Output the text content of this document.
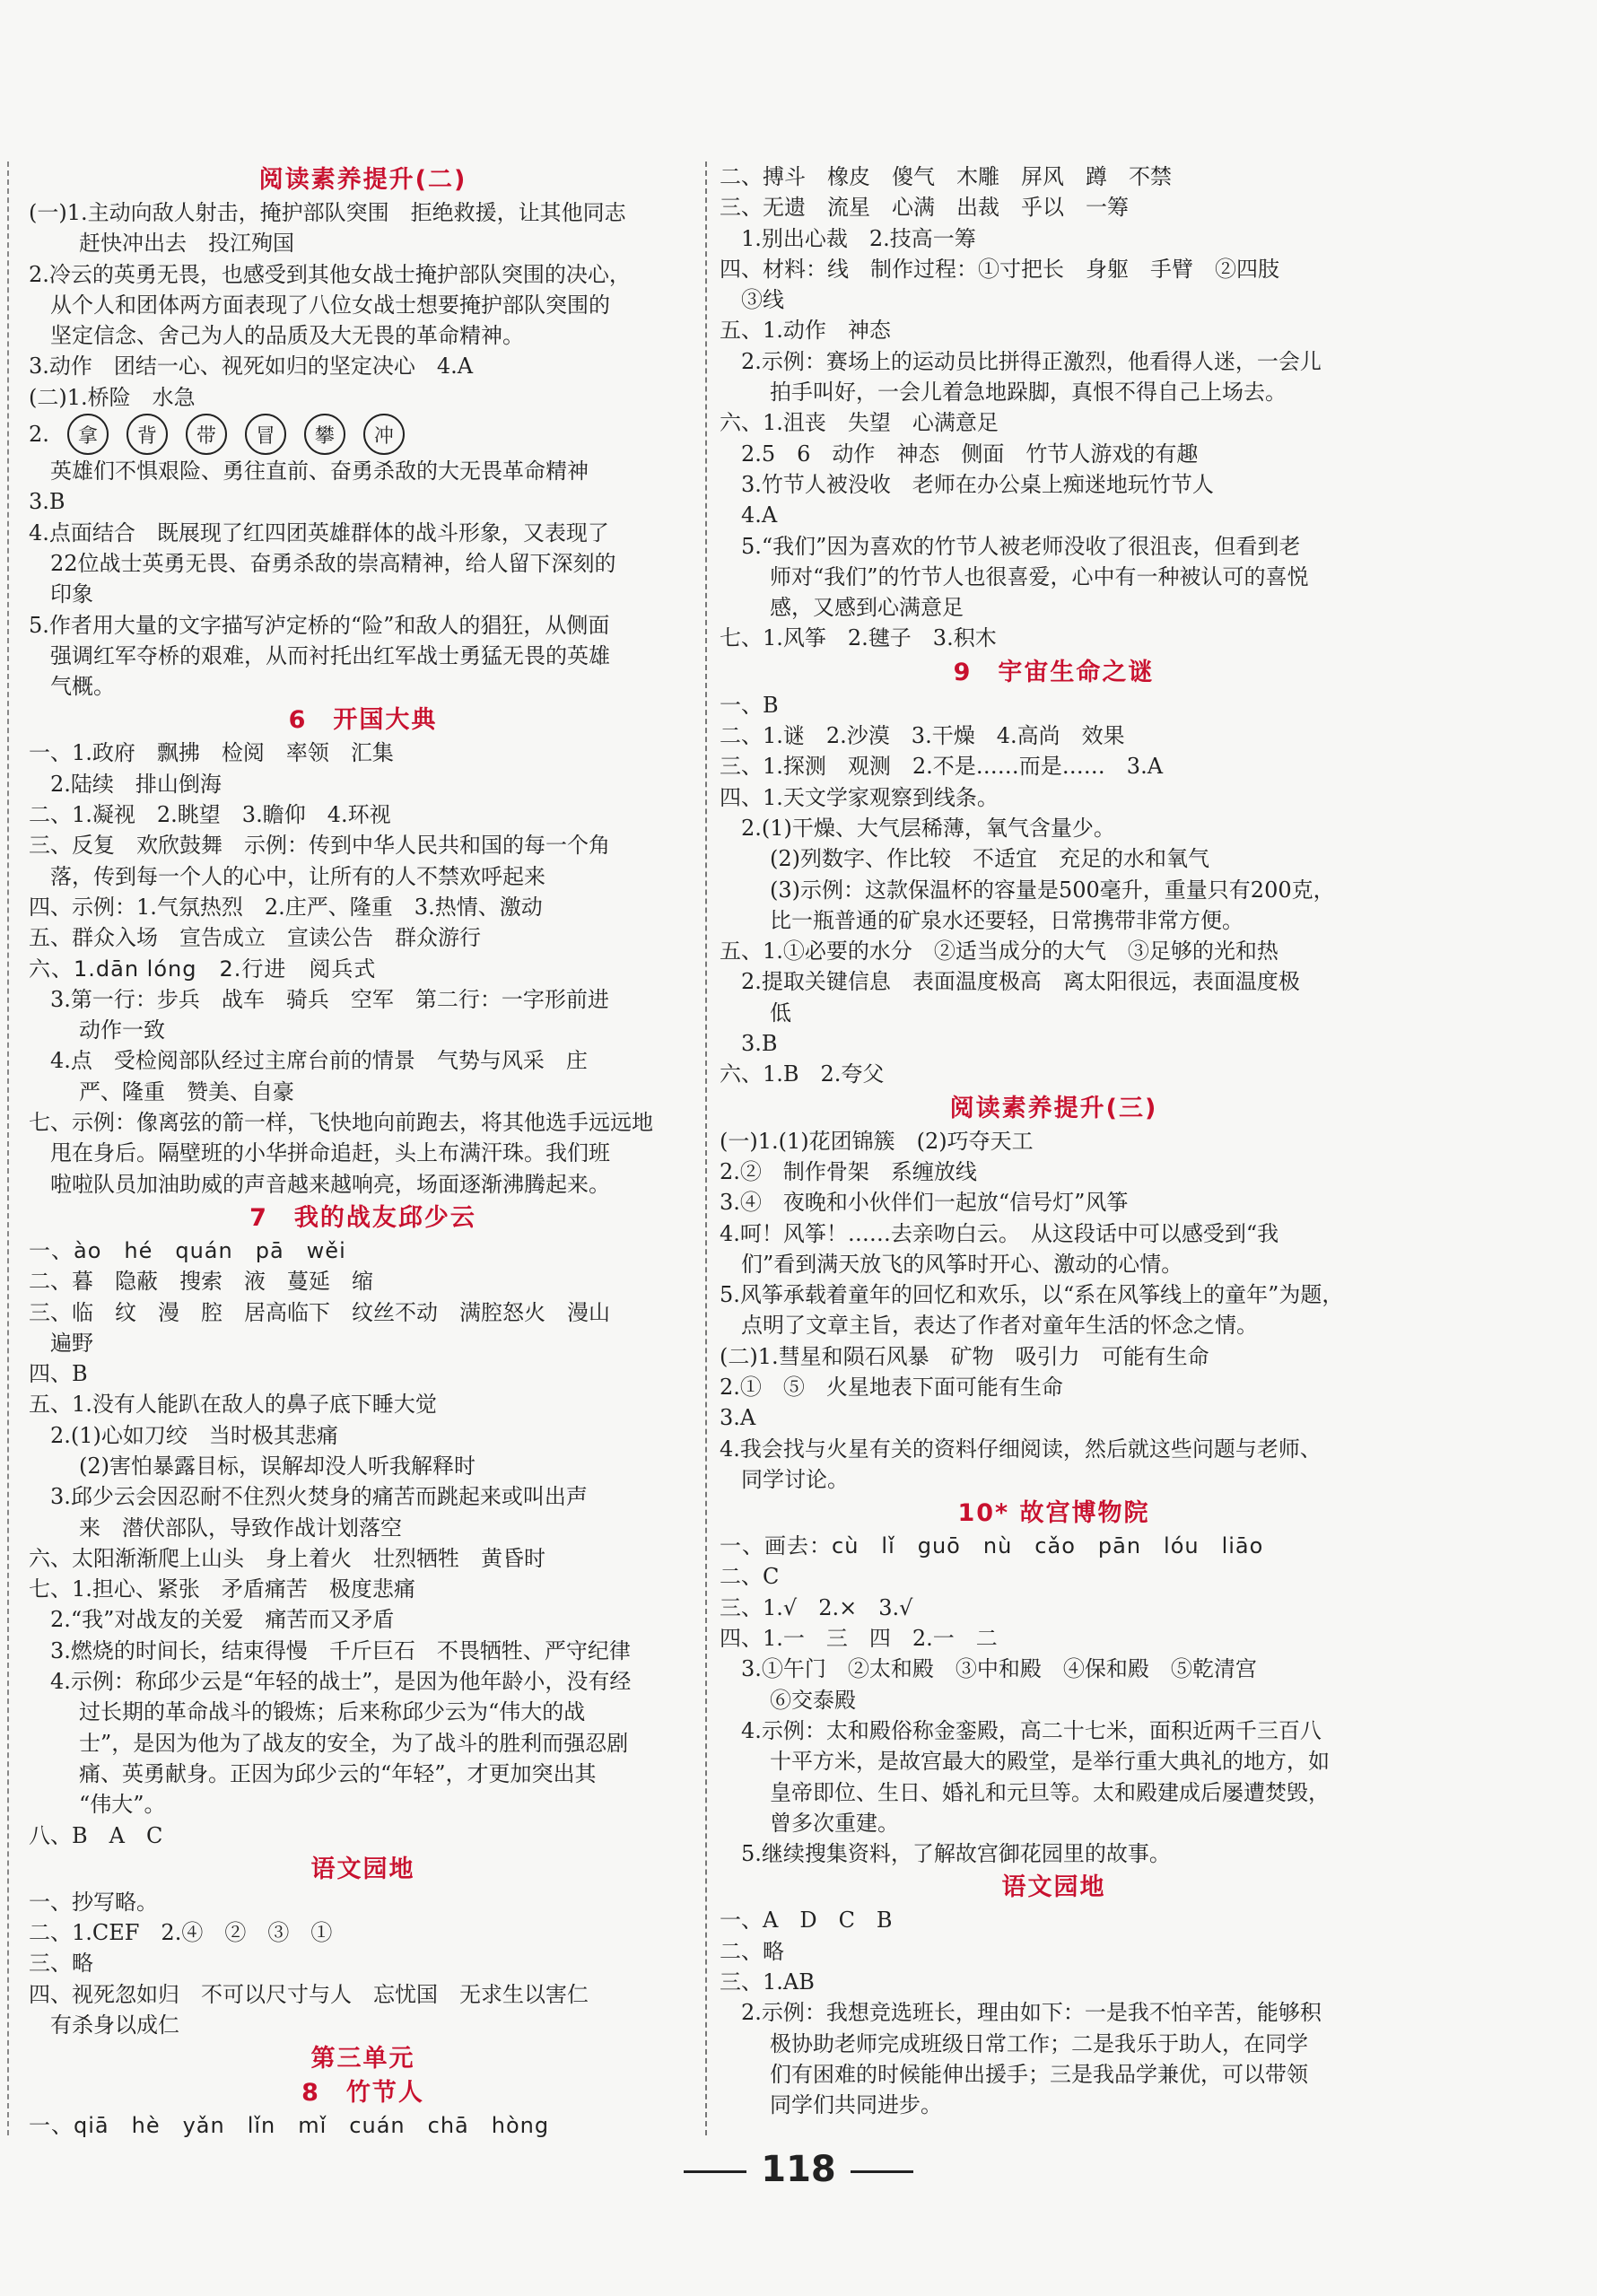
阅读素养提升(二)
(一)1.主动向敌人射击，掩护部队突围　拒绝救援，让其他同志
赶快冲出去　投江殉国
2.冷云的英勇无畏，也感受到其他女战士掩护部队突围的决心，
从个人和团体两方面表现了八位女战士想要掩护部队突围的
坚定信念、舍己为人的品质及大无畏的革命精神。
3.动作　团结一心、视死如归的坚定决心　4.A
(二)1.桥险　水急
2.	拿	背	带	冒	攀	冲
英雄们不惧艰险、勇往直前、奋勇杀敌的大无畏革命精神
3.B
4.点面结合　既展现了红四团英雄群体的战斗形象，又表现了
22位战士英勇无畏、奋勇杀敌的崇高精神，给人留下深刻的
印象
5.作者用大量的文字描写泸定桥的“险”和敌人的猖狂，从侧面
强调红军夺桥的艰难，从而衬托出红军战士勇猛无畏的英雄
气概。
6　开国大典
一、1.政府　飘拂　检阅　率领　汇集
2.陆续　排山倒海
二、1.凝视　2.眺望　3.瞻仰　4.环视
三、反复　欢欣鼓舞　示例：传到中华人民共和国的每一个角
落，传到每一个人的心中，让所有的人不禁欢呼起来
四、示例：1.气氛热烈　2.庄严、隆重　3.热情、激动
五、群众入场　宣告成立　宣读公告　群众游行
六、1.dān lóng　2.行进　阅兵式
3.第一行：步兵　战车　骑兵　空军　第二行：一字形前进
动作一致
4.点　受检阅部队经过主席台前的情景　气势与风采　庄
严、隆重　赞美、自豪
七、示例：像离弦的箭一样，飞快地向前跑去，将其他选手远远地
甩在身后。隔壁班的小华拼命追赶，头上布满汗珠。我们班
啦啦队员加油助威的声音越来越响亮，场面逐渐沸腾起来。
7　我的战友邱少云
一、ào　hé　quán　pā　wěi
二、暮　隐蔽　搜索　液　蔓延　缩
三、临　纹　漫　腔　居高临下　纹丝不动　满腔怒火　漫山
遍野
四、B
五、1.没有人能趴在敌人的鼻子底下睡大觉
2.(1)心如刀绞　当时极其悲痛
(2)害怕暴露目标，误解却没人听我解释时
3.邱少云会因忍耐不住烈火焚身的痛苦而跳起来或叫出声
来　潜伏部队，导致作战计划落空
六、太阳渐渐爬上山头　身上着火　壮烈牺牲　黄昏时
七、1.担心、紧张　矛盾痛苦　极度悲痛
2.“我”对战友的关爱　痛苦而又矛盾
3.燃烧的时间长，结束得慢　千斤巨石　不畏牺牲、严守纪律
4.示例：称邱少云是“年轻的战士”，是因为他年龄小，没有经
过长期的革命战斗的锻炼；后来称邱少云为“伟大的战
士”，是因为他为了战友的安全，为了战斗的胜利而强忍剧
痛、英勇献身。正因为邱少云的“年轻”，才更加突出其
“伟大”。
八、B　A　C
语文园地
一、抄写略。
二、1.CEF　2.④　②　③　①
三、略
四、视死忽如归　不可以尺寸与人　忘忧国　无求生以害仁
有杀身以成仁
第三单元
8　竹节人
一、qiā　hè　yǎn　lǐn　mǐ　cuán　chā　hòng
二、搏斗　橡皮　傻气　木雕　屏风　蹲　不禁
三、无遗　流星　心满　出裁　乎以　一筹
1.别出心裁　2.技高一筹
四、材料：线　制作过程：①寸把长　身躯　手臂　②四肢
③线
五、1.动作　神态
2.示例：赛场上的运动员比拼得正激烈，他看得人迷，一会儿
拍手叫好，一会儿着急地跺脚，真恨不得自己上场去。
六、1.沮丧　失望　心满意足
2.5　6　动作　神态　侧面　竹节人游戏的有趣
3.竹节人被没收　老师在办公桌上痴迷地玩竹节人
4.A
5.“我们”因为喜欢的竹节人被老师没收了很沮丧，但看到老
师对“我们”的竹节人也很喜爱，心中有一种被认可的喜悦
感，又感到心满意足
七、1.风筝　2.毽子　3.积木
9　宇宙生命之谜
一、B
二、1.谜　2.沙漠　3.干燥　4.高尚　效果
三、1.探测　观测　2.不是……而是……　3.A
四、1.天文学家观察到线条。
2.(1)干燥、大气层稀薄，氧气含量少。
(2)列数字、作比较　不适宜　充足的水和氧气
(3)示例：这款保温杯的容量是500毫升，重量只有200克，
比一瓶普通的矿泉水还要轻，日常携带非常方便。
五、1.①必要的水分　②适当成分的大气　③足够的光和热
2.提取关键信息　表面温度极高　离太阳很远，表面温度极
低
3.B
六、1.B　2.夸父
阅读素养提升(三)
(一)1.(1)花团锦簇　(2)巧夺天工
2.②　制作骨架　系缠放线
3.④　夜晚和小伙伴们一起放“信号灯”风筝
4.呵！风筝！……去亲吻白云。　从这段话中可以感受到“我
们”看到满天放飞的风筝时开心、激动的心情。
5.风筝承载着童年的回忆和欢乐，以“系在风筝线上的童年”为题，
点明了文章主旨，表达了作者对童年生活的怀念之情。
(二)1.彗星和陨石风暴　矿物　吸引力　可能有生命
2.①　⑤　火星地表下面可能有生命
3.A
4.我会找与火星有关的资料仔细阅读，然后就这些问题与老师、
同学讨论。
10* 故宫博物院
一、画去：cù　lǐ　guō　nù　cǎo　pān　lóu　liāo
二、C
三、1.√　2.×　3.√
四、1.一　三　四　2.一　二
3.①午门　②太和殿　③中和殿　④保和殿　⑤乾清宫
⑥交泰殿
4.示例：太和殿俗称金銮殿，高二十七米，面积近两千三百八
十平方米，是故宫最大的殿堂，是举行重大典礼的地方，如
皇帝即位、生日、婚礼和元旦等。太和殿建成后屡遭焚毁，
曾多次重建。
5.继续搜集资料，了解故宫御花园里的故事。
语文园地
一、A　D　C　B
二、略
三、1.AB
2.示例：我想竞选班长，理由如下：一是我不怕辛苦，能够积
极协助老师完成班级日常工作；二是我乐于助人，在同学
们有困难的时候能伸出援手；三是我品学兼优，可以带领
同学们共同进步。
118
